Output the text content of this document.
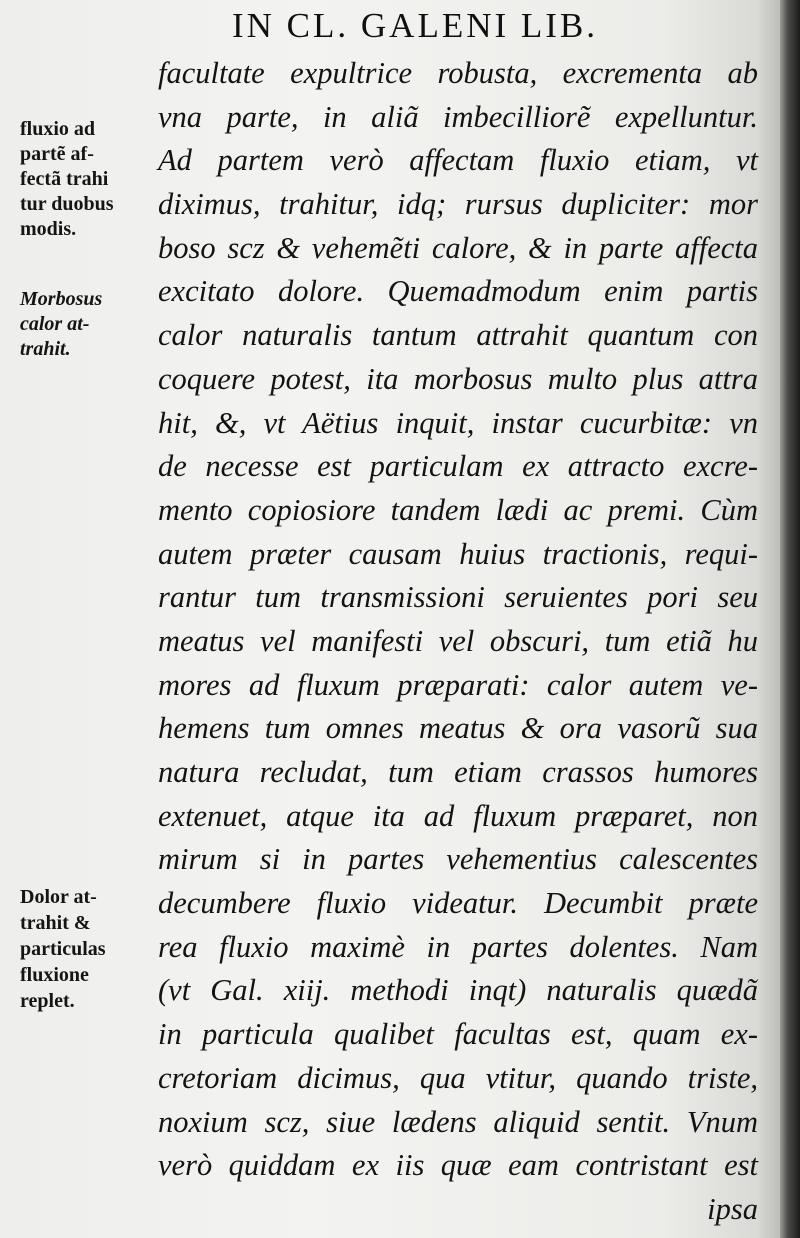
IN CL. GALENI LIB.
fluxio ad
partẽ af-
fectã trahi
tur duobus
modis.
Morbosus
calor at-
trahit.
Dolor at-
trahit &
particulas
fluxione
replet.
facultate expultrice robusta, excrementa ab
vna parte, in aliã imbecilliorẽ expelluntur.
Ad partem verò affectam fluxio etiam, vt
diximus, trahitur, idq; rursus dupliciter: mor
boso scz & vehemẽti calore, & in parte affecta
excitato dolore. Quemadmodum enim partis
calor naturalis tantum attrahit quantum con
coquere potest, ita morbosus multo plus attra
hit, &, vt Aëtius inquit, instar cucurbitæ: vn
de necesse est particulam ex attracto excre-
mento copiosiore tandem lædi ac premi. Cùm
autem præter causam huius tractionis, requi-
rantur tum transmissioni seruientes pori seu
meatus vel manifesti vel obscuri, tum etiã hu
mores ad fluxum præparati: calor autem ve-
hemens tum omnes meatus & ora vasorũ sua
natura recludat, tum etiam crassos humores
extenuet, atque ita ad fluxum præparet, non
mirum si in partes vehementius calescentes
decumbere fluxio videatur. Decumbit præte
rea fluxio maximè in partes dolentes. Nam
(vt Gal. xiij. methodi inqt) naturalis quædã
in particula qualibet facultas est, quam ex-
cretoriam dicimus, qua vtitur, quando triste,
noxium scz, siue lædens aliquid sentit. Vnum
verò quiddam ex iis quæ eam contristant est
ipsa
